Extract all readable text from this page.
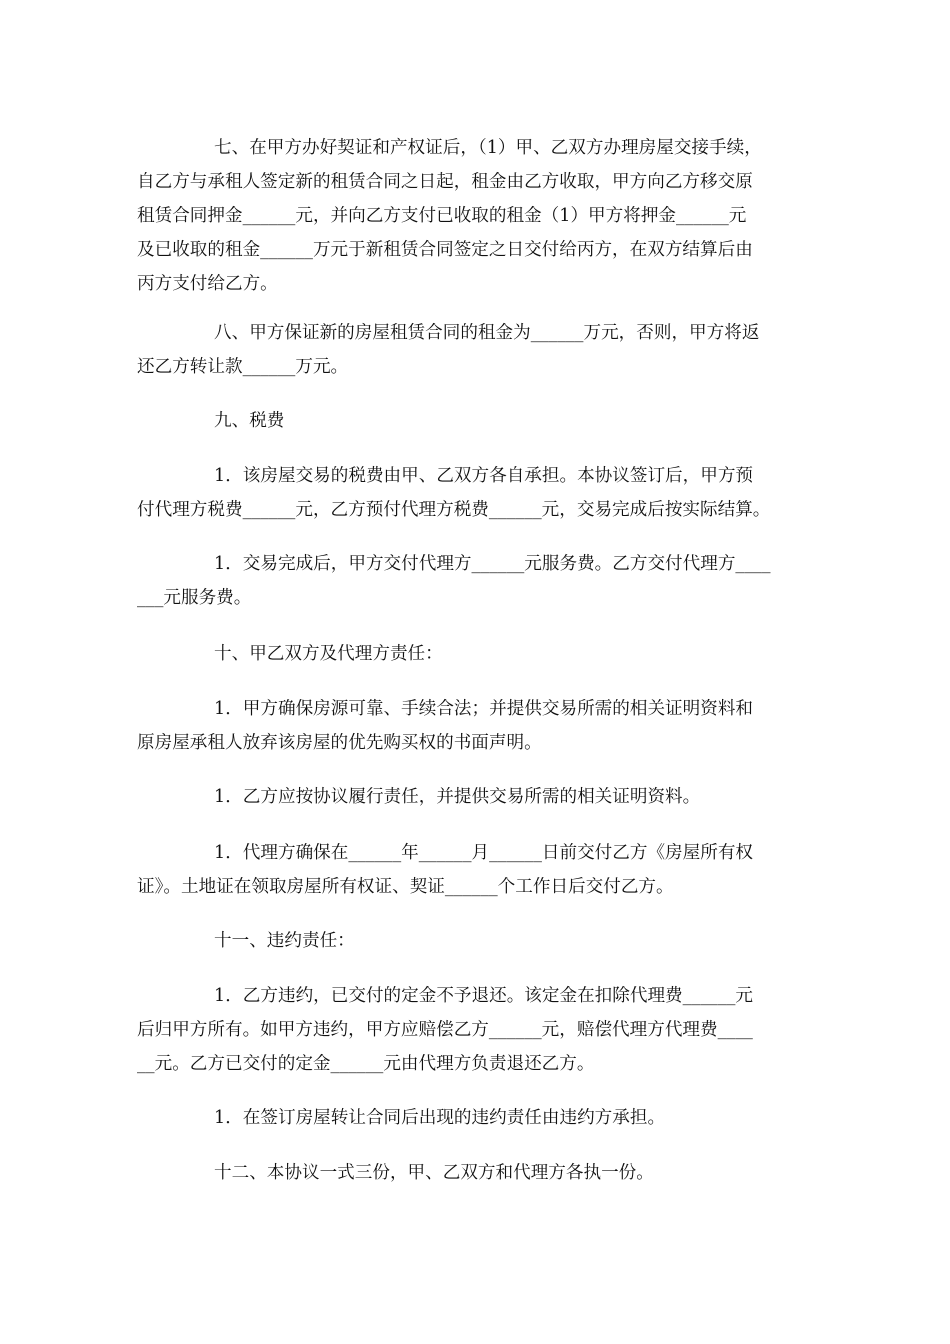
七、在甲方办好契证和产权证后，（1）甲、乙双方办理房屋交接手续，
自乙方与承租人签定新的租赁合同之日起，租金由乙方收取，甲方向乙方移交原
租赁合同押金______元，并向乙方支付已收取的租金（1）甲方将押金______元
及已收取的租金______万元于新租赁合同签定之日交付给丙方，在双方结算后由
丙方支付给乙方。
八、甲方保证新的房屋租赁合同的租金为______万元，否则，甲方将返
还乙方转让款______万元。
九、税费
1．该房屋交易的税费由甲、乙双方各自承担。本协议签订后，甲方预
付代理方税费______元，乙方预付代理方税费______元，交易完成后按实际结算。
1．交易完成后，甲方交付代理方______元服务费。乙方交付代理方____
___元服务费。
十、甲乙双方及代理方责任：
1．甲方确保房源可靠、手续合法；并提供交易所需的相关证明资料和
原房屋承租人放弃该房屋的优先购买权的书面声明。
1．乙方应按协议履行责任，并提供交易所需的相关证明资料。
1．代理方确保在______年______月______日前交付乙方《房屋所有权
证》。土地证在领取房屋所有权证、契证______个工作日后交付乙方。
十一、违约责任：
1．乙方违约，已交付的定金不予退还。该定金在扣除代理费______元
后归甲方所有。如甲方违约，甲方应赔偿乙方______元，赔偿代理方代理费____
__元。乙方已交付的定金______元由代理方负责退还乙方。
1．在签订房屋转让合同后出现的违约责任由违约方承担。
十二、本协议一式三份，甲、乙双方和代理方各执一份。
